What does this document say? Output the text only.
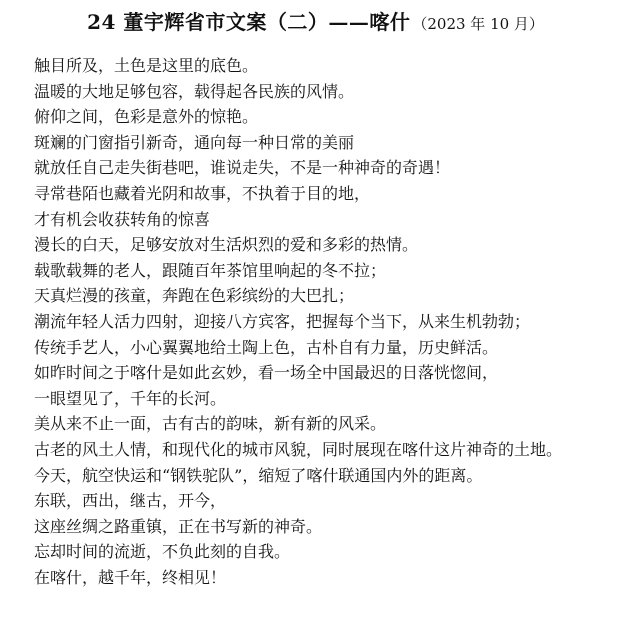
24 董宇辉省市文案（二）——喀什 （2023 年 10 月）

触目所及，土色是这里的底色。

温暖的大地足够包容，载得起各民族的风情。

俯仰之间，色彩是意外的惊艳。

斑斓的门窗指引新奇，通向每一种日常的美丽

就放任自己走失街巷吧，谁说走失，不是一种神奇的奇遇！

寻常巷陌也藏着光阴和故事，不执着于目的地，

才有机会收获转角的惊喜

漫长的白天，足够安放对生活炽烈的爱和多彩的热情。

载歌载舞的老人，跟随百年茶馆里响起的冬不拉；

天真烂漫的孩童，奔跑在色彩缤纷的大巴扎；

潮流年轻人活力四射，迎接八方宾客，把握每个当下，从来生机勃勃；

传统手艺人，小心翼翼地给土陶上色，古朴自有力量，历史鲜活。

如昨时间之于喀什是如此玄妙，看一场全中国最迟的日落恍惚间，

一眼望见了，千年的长河。

美从来不止一面，古有古的韵味，新有新的风采。

古老的风土人情，和现代化的城市风貌，同时展现在喀什这片神奇的土地。

今天，航空快运和“钢铁驼队”，缩短了喀什联通国内外的距离。

东联，西出，继古，开今，

这座丝绸之路重镇，正在书写新的神奇。

忘却时间的流逝，不负此刻的自我。

在喀什，越千年，终相见！
